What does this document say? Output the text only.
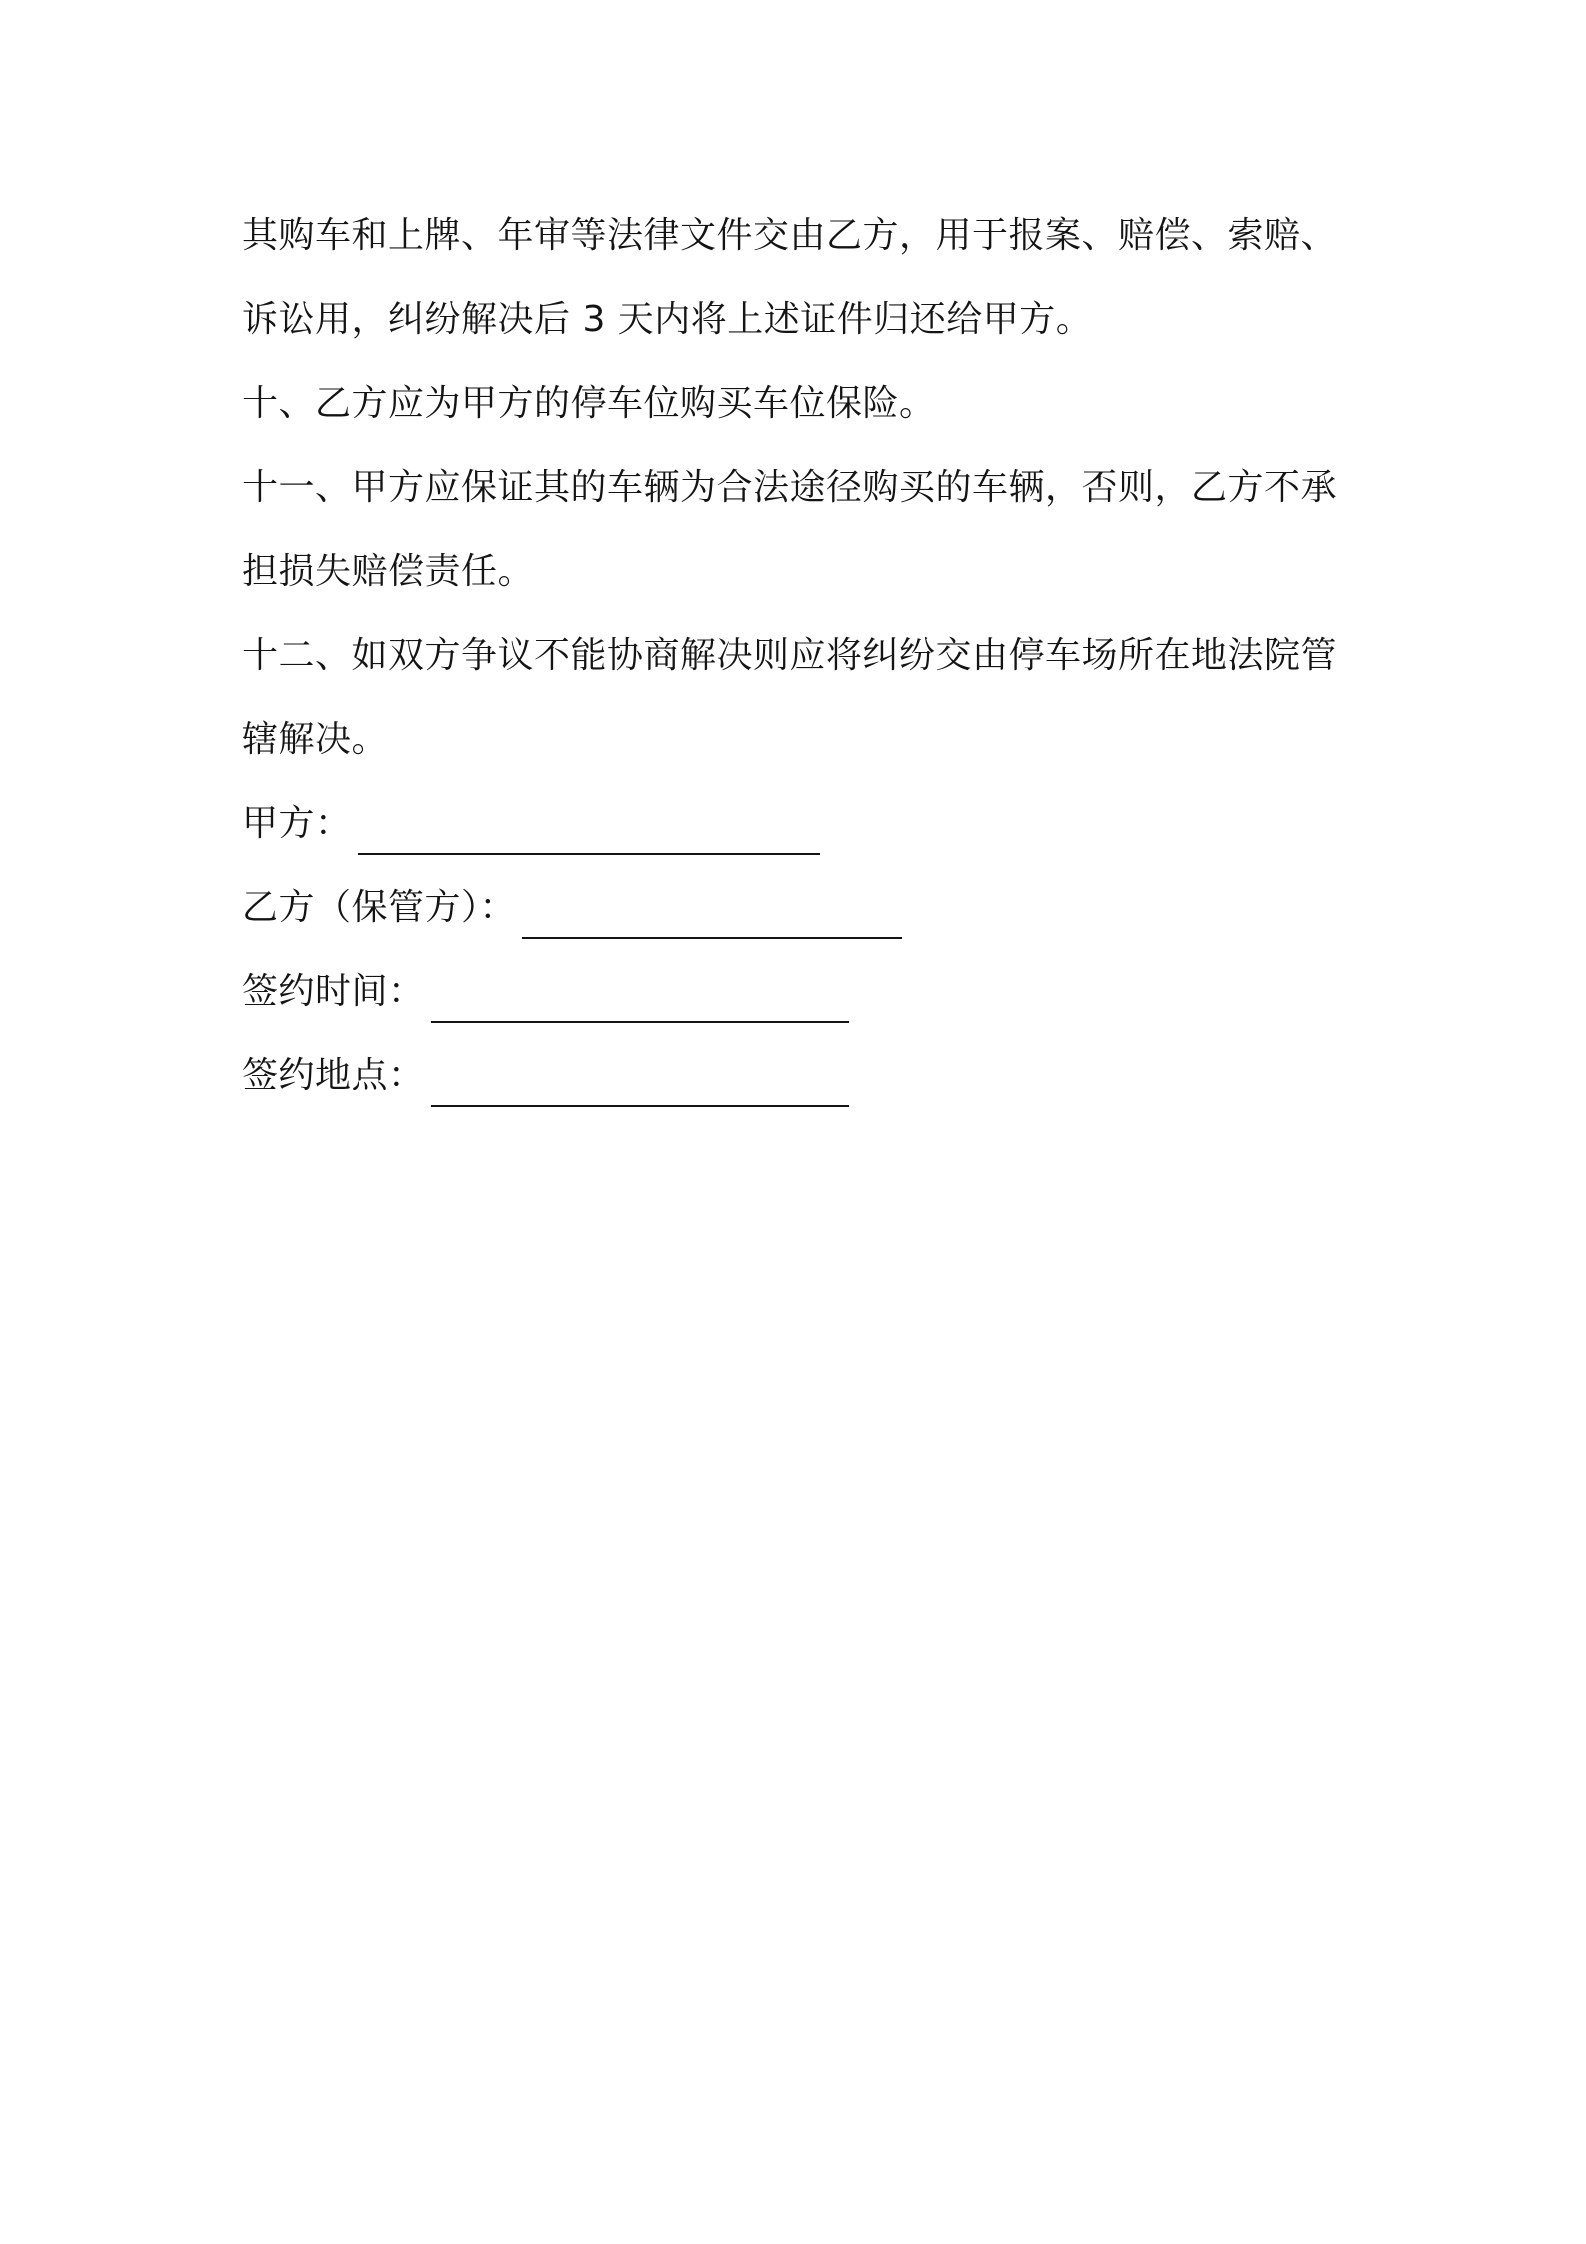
其购车和上牌、年审等法律文件交由乙方，用于报案、赔偿、索赔、
诉讼用，纠纷解决后 3 天内将上述证件归还给甲方。
十、乙方应为甲方的停车位购买车位保险。
十一、甲方应保证其的车辆为合法途径购买的车辆，否则，乙方不承
担损失赔偿责任。
十二、如双方争议不能协商解决则应将纠纷交由停车场所在地法院管
辖解决。
甲方：
乙方（保管方）：
签约时间：
签约地点：
